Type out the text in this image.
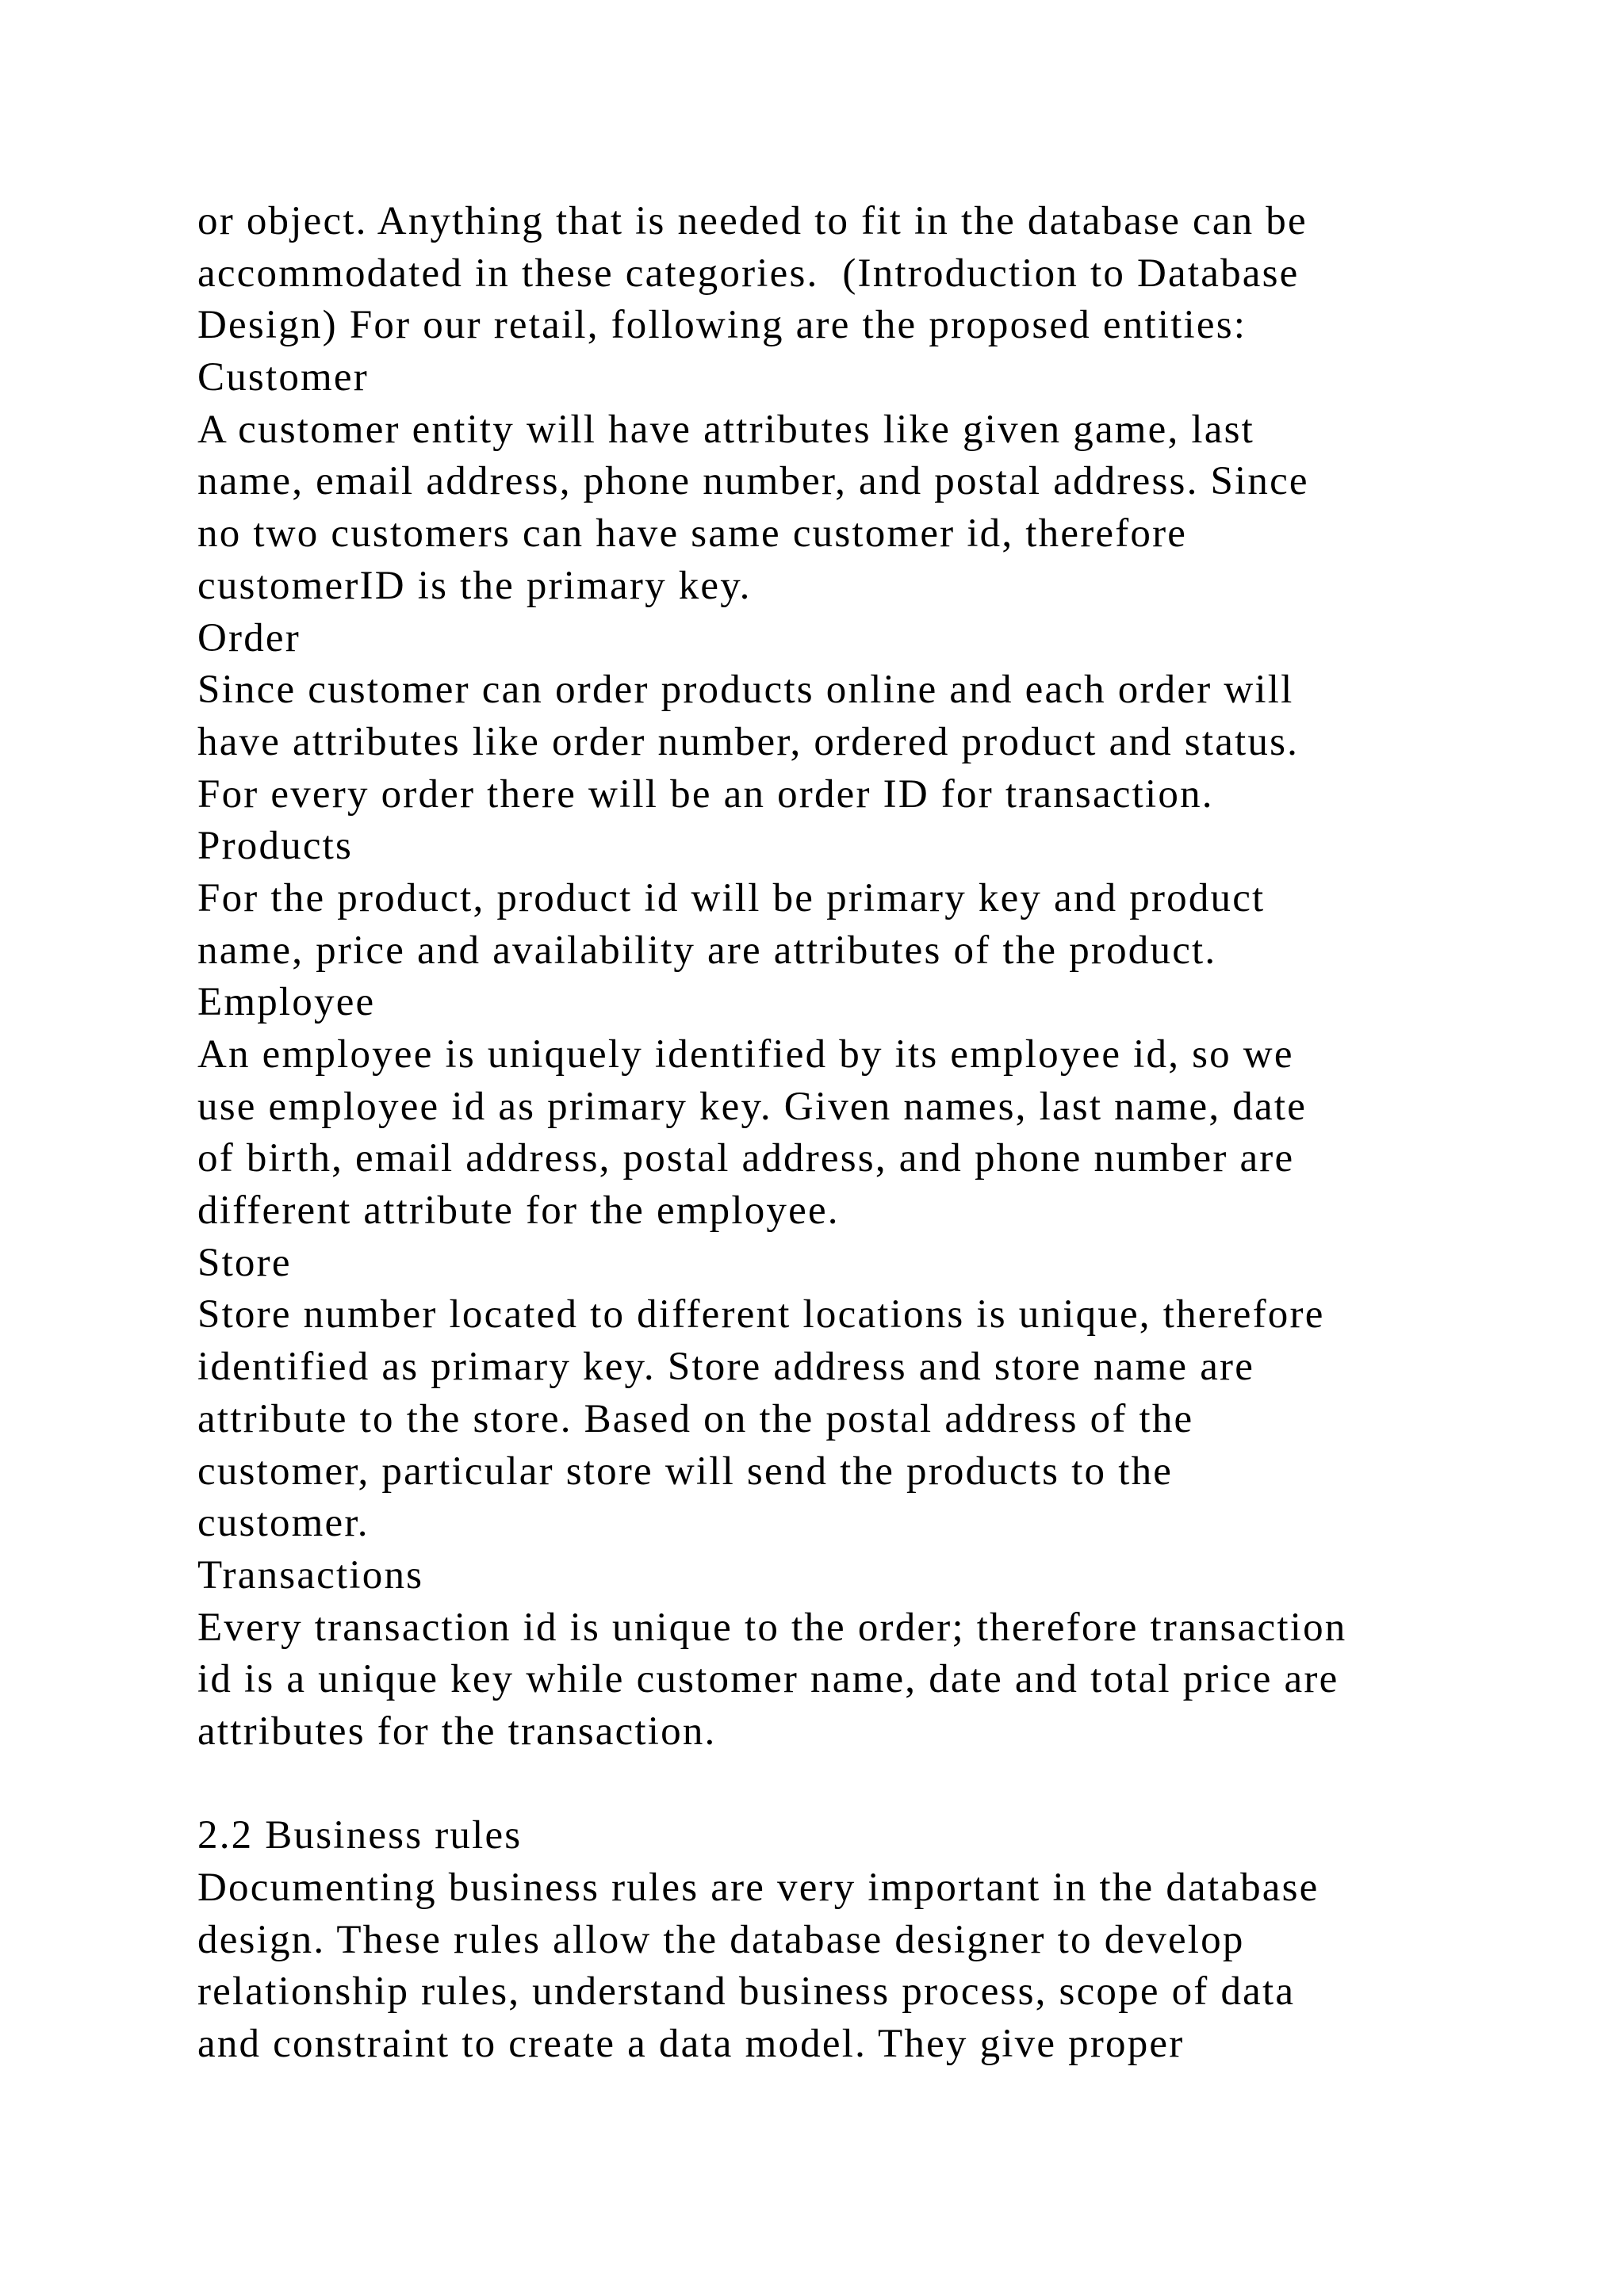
or object. Anything that is needed to fit in the database can be
accommodated in these categories.  (Introduction to Database
Design) For our retail, following are the proposed entities:
Customer
A customer entity will have attributes like given game, last
name, email address, phone number, and postal address. Since
no two customers can have same customer id, therefore
customerID is the primary key.
Order
Since customer can order products online and each order will
have attributes like order number, ordered product and status.
For every order there will be an order ID for transaction.
Products
For the product, product id will be primary key and product
name, price and availability are attributes of the product.
Employee
An employee is uniquely identified by its employee id, so we
use employee id as primary key. Given names, last name, date
of birth, email address, postal address, and phone number are
different attribute for the employee.
Store
Store number located to different locations is unique, therefore
identified as primary key. Store address and store name are
attribute to the store. Based on the postal address of the
customer, particular store will send the products to the
customer.
Transactions
Every transaction id is unique to the order; therefore transaction
id is a unique key while customer name, date and total price are
attributes for the transaction.
2.2 Business rules
Documenting business rules are very important in the database
design. These rules allow the database designer to develop
relationship rules, understand business process, scope of data
and constraint to create a data model. They give proper
